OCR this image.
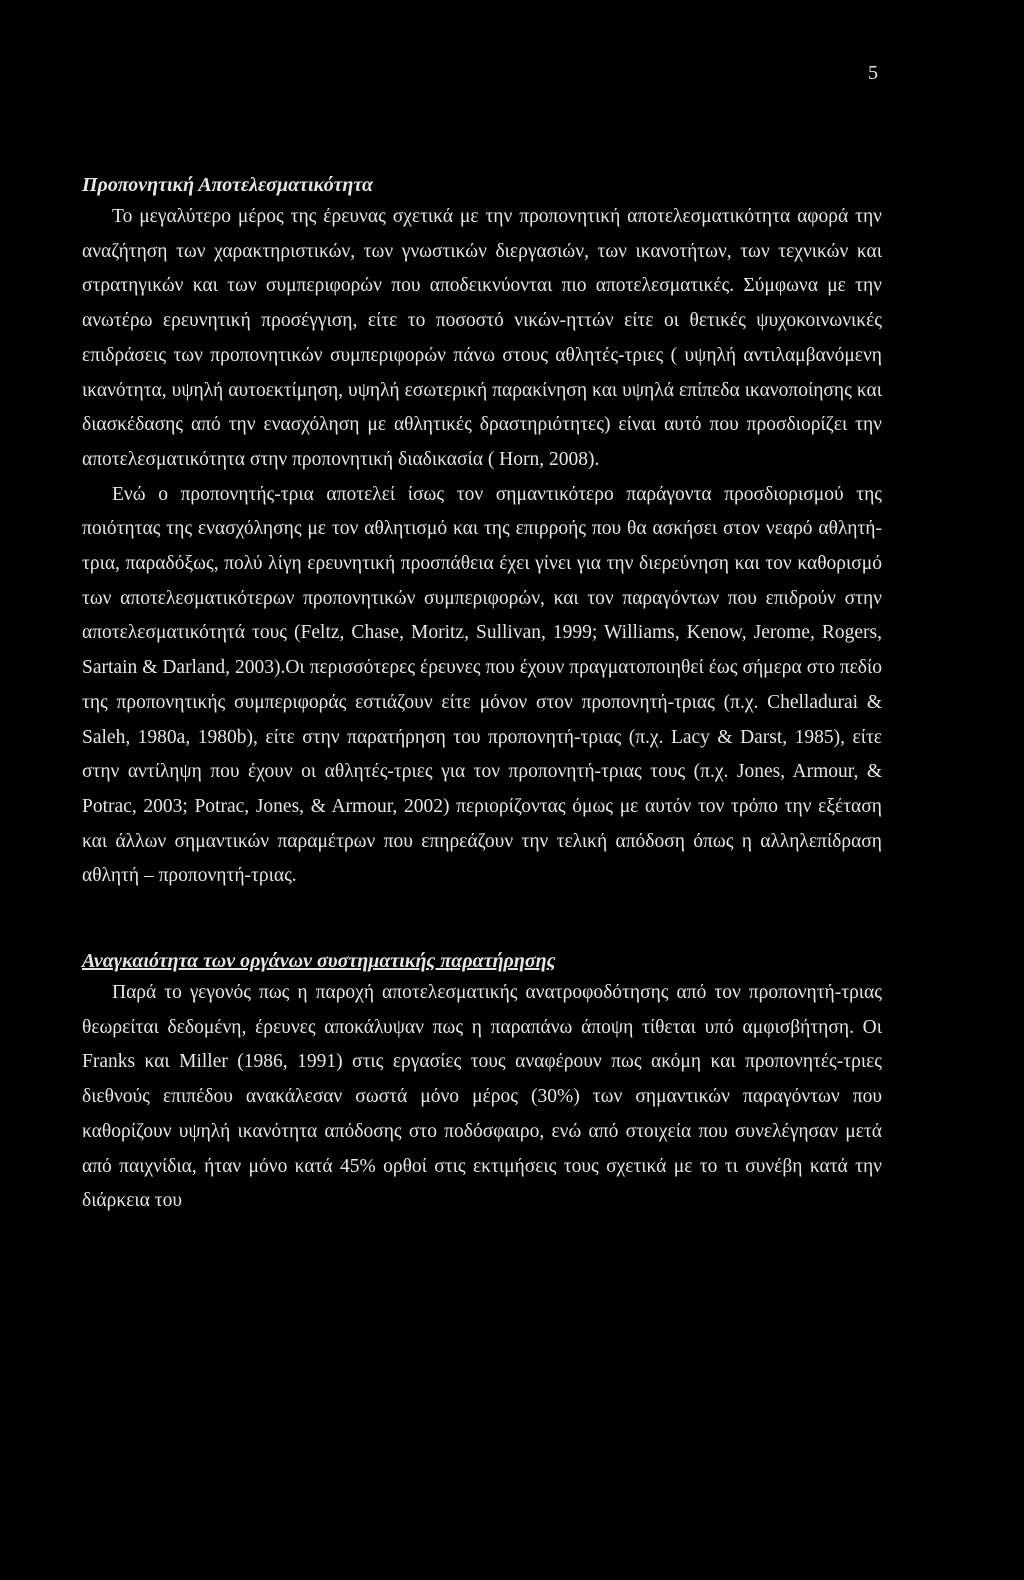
5

Προπονητική Αποτελεσματικότητα

Το μεγαλύτερο μέρος της έρευνας σχετικά με την προπονητική αποτελεσματικότητα αφορά την αναζήτηση των χαρακτηριστικών, των γνωστικών διεργασιών, των ικανοτήτων, των τεχνικών και στρατηγικών και των συμπεριφορών που αποδεικνύονται πιο αποτελεσματικές. Σύμφωνα με την ανωτέρω ερευνητική προσέγγιση, είτε το ποσοστό νικών-ηττών είτε οι θετικές ψυχοκοινωνικές επιδράσεις των προπονητικών συμπεριφορών πάνω στους αθλητές-τριες ( υψηλή αντιλαμβανόμενη ικανότητα, υψηλή αυτοεκτίμηση, υψηλή εσωτερική παρακίνηση και υψηλά επίπεδα ικανοποίησης και διασκέδασης από την ενασχόληση με αθλητικές δραστηριότητες) είναι αυτό που προσδιορίζει την αποτελεσματικότητα στην προπονητική διαδικασία ( Horn, 2008).

Ενώ ο προπονητής-τρια αποτελεί ίσως τον σημαντικότερο παράγοντα προσδιορισμού της ποιότητας της ενασχόλησης με τον αθλητισμό και της επιρροής που θα ασκήσει στον νεαρό αθλητή-τρια, παραδόξως, πολύ λίγη ερευνητική προσπάθεια έχει γίνει για την διερεύνηση και τον καθορισμό των αποτελεσματικότερων προπονητικών συμπεριφορών, και τον παραγόντων που επιδρούν στην αποτελεσματικότητά τους (Feltz, Chase, Moritz, Sullivan, 1999; Williams, Kenow, Jerome, Rogers, Sartain & Darland, 2003).Οι περισσότερες έρευνες που έχουν πραγματοποιηθεί έως σήμερα στο πεδίο της προπονητικής συμπεριφοράς εστιάζουν είτε μόνον στον προπονητή-τριας (π.χ. Chelladurai & Saleh, 1980a, 1980b), είτε στην παρατήρηση του προπονητή-τριας (π.χ. Lacy & Darst, 1985), είτε στην αντίληψη που έχουν οι αθλητές-τριες για τον προπονητή-τριας τους (π.χ. Jones, Armour, & Potrac, 2003; Potrac, Jones, & Armour, 2002) περιορίζοντας όμως με αυτόν τον τρόπο την εξέταση και άλλων σημαντικών παραμέτρων που επηρεάζουν την τελική απόδοση όπως η αλληλεπίδραση αθλητή – προπονητή-τριας.

Αναγκαιότητα των οργάνων συστηματικής παρατήρησης

Παρά το γεγονός πως η παροχή αποτελεσματικής ανατροφοδότησης από τον προπονητή-τριας θεωρείται δεδομένη, έρευνες αποκάλυψαν πως η παραπάνω άποψη τίθεται υπό αμφισβήτηση. Οι Franks και Miller (1986, 1991) στις εργασίες τους αναφέρουν πως ακόμη και προπονητές-τριες διεθνούς επιπέδου ανακάλεσαν σωστά μόνο μέρος (30%) των σημαντικών παραγόντων που καθορίζουν υψηλή ικανότητα απόδοσης στο ποδόσφαιρο, ενώ από στοιχεία που συνελέγησαν μετά από παιχνίδια, ήταν μόνο κατά 45% ορθοί στις εκτιμήσεις τους σχετικά με το τι συνέβη κατά την διάρκεια του
